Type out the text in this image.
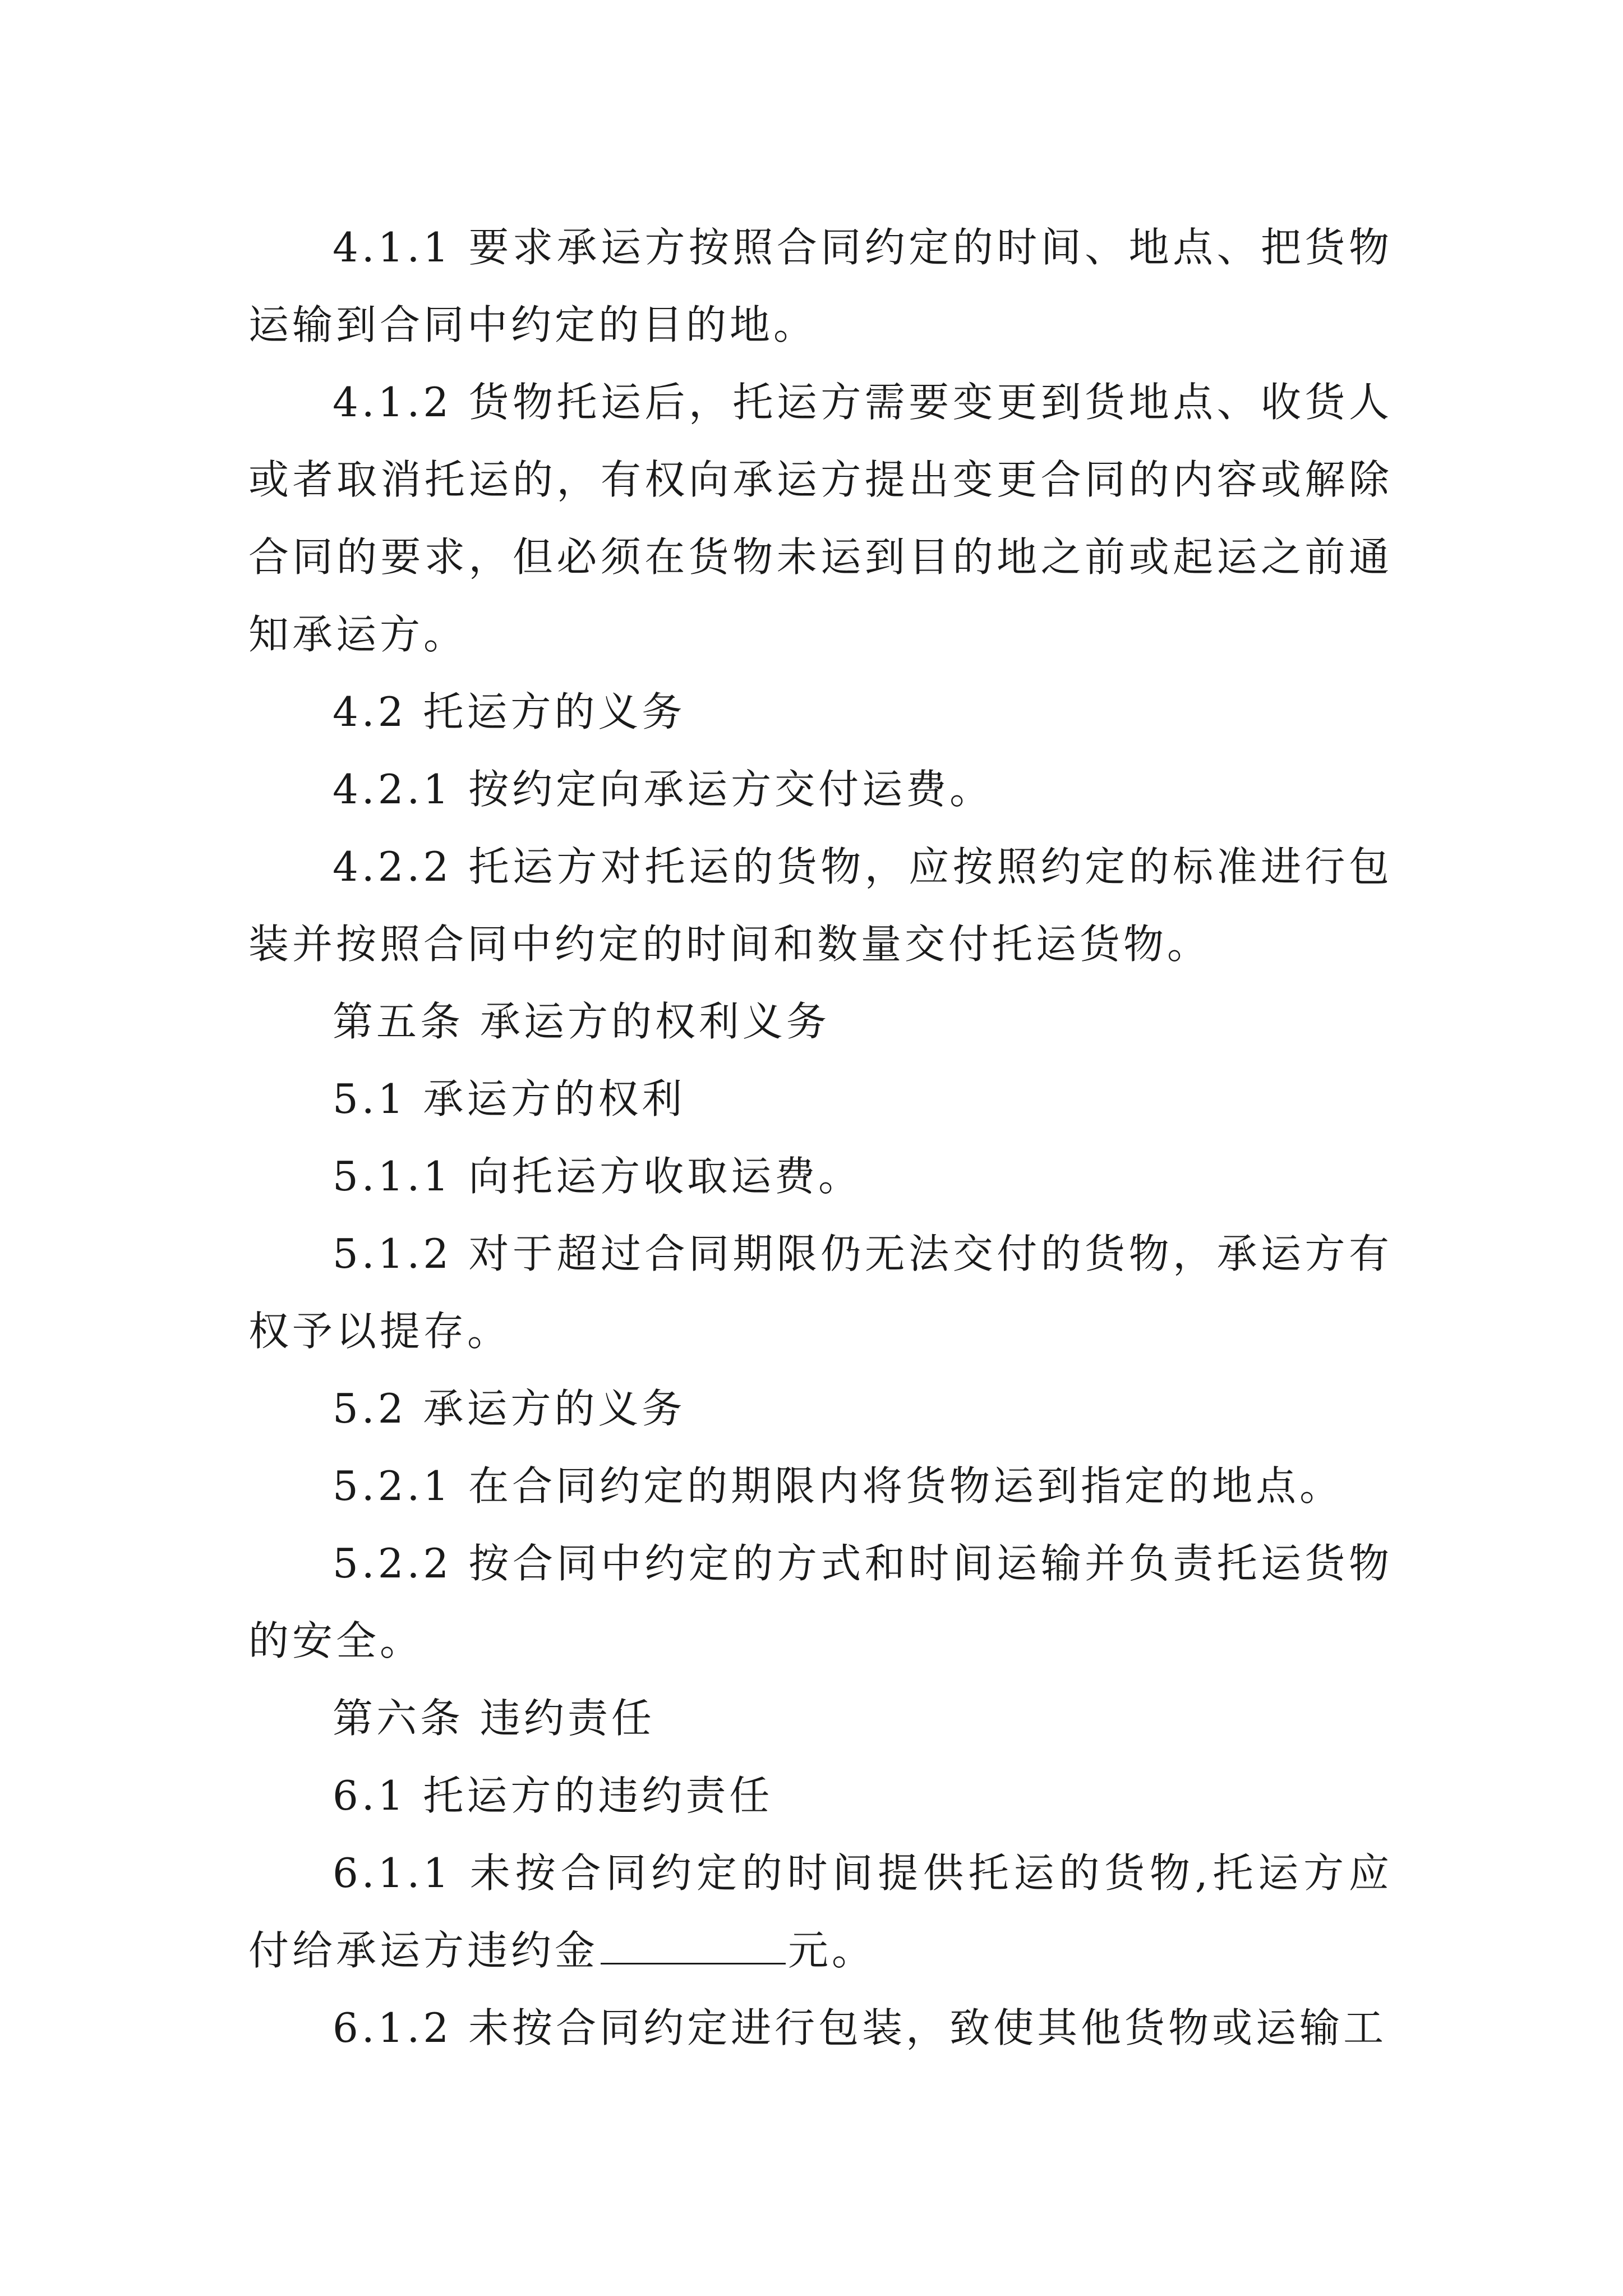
4.1.1 要求承运方按照合同约定的时间、地点、把货物运输到合同中约定的目的地。

4.1.2 货物托运后，托运方需要变更到货地点、收货人或者取消托运的，有权向承运方提出变更合同的内容或解除合同的要求，但必须在货物未运到目的地之前或起运之前通知承运方。

4.2 托运方的义务

4.2.1 按约定向承运方交付运费。

4.2.2 托运方对托运的货物，应按照约定的标准进行包装并按照合同中约定的时间和数量交付托运货物。

第五条 承运方的权利义务

5.1 承运方的权利

5.1.1 向托运方收取运费。

5.1.2 对于超过合同期限仍无法交付的货物，承运方有权予以提存。

5.2 承运方的义务

5.2.1 在合同约定的期限内将货物运到指定的地点。

5.2.2 按合同中约定的方式和时间运输并负责托运货物的安全。

第六条 违约责任

6.1 托运方的违约责任

6.1.1 未按合同约定的时间提供托运的货物,托运方应付给承运方违约金	元。

6.1.2 未按合同约定进行包装，致使其他货物或运输工
